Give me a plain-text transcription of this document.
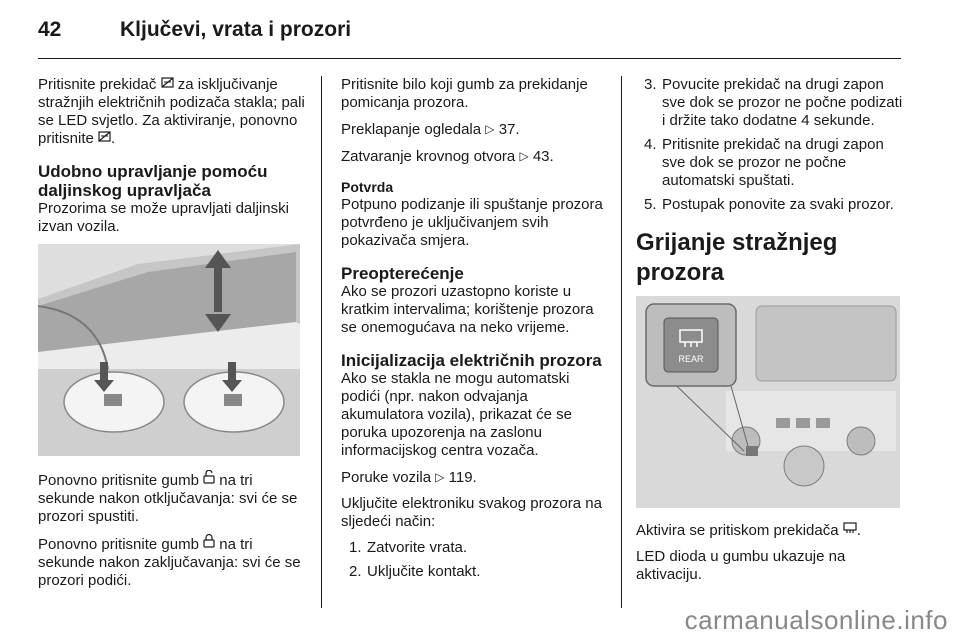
42	Ključevi, vrata i prozori

Pritisnite prekidač za isključivanje stražnjih električnih podizača stakla; pali se LED svjetlo. Za aktiviranje, ponovno pritisnite .

Udobno upravljanje pomoću daljinskog upravljača

Prozorima se može upravljati daljinski izvan vozila.

Ponovno pritisnite gumb na tri sekunde nakon otključavanja: svi će se prozori spustiti.

Ponovno pritisnite gumb na tri sekunde nakon zaključavanja: svi će se prozori podići.

Pritisnite bilo koji gumb za prekidanje pomicanja prozora.

Preklapanje ogledala ▷ 37.

Zatvaranje krovnog otvora ▷ 43.

Potvrda

Potpuno podizanje ili spuštanje prozora potvrđeno je uključivanjem svih pokazivača smjera.

Preopterećenje

Ako se prozori uzastopno koriste u kratkim intervalima; korištenje prozora se onemogućava na neko vrijeme.

Inicijalizacija električnih prozora

Ako se stakla ne mogu automatski podići (npr. nakon odvajanja akumulatora vozila), prikazat će se poruka upozorenja na zaslonu informacijskog centra vozača.

Poruke vozila ▷ 119.

Uključite elektroniku svakog prozora na sljedeći način:

1. Zatvorite vrata.
2. Uključite kontakt.
3. Povucite prekidač na drugi zapon sve dok se prozor ne počne podizati i držite tako dodatne 4 sekunde.
4. Pritisnite prekidač na drugi zapon sve dok se prozor ne počne automatski spuštati.
5. Postupak ponovite za svaki prozor.
Grijanje stražnjeg prozora
REAR

Aktivira se pritiskom prekidača .

LED dioda u gumbu ukazuje na aktivaciju.

carmanualsonline.info
